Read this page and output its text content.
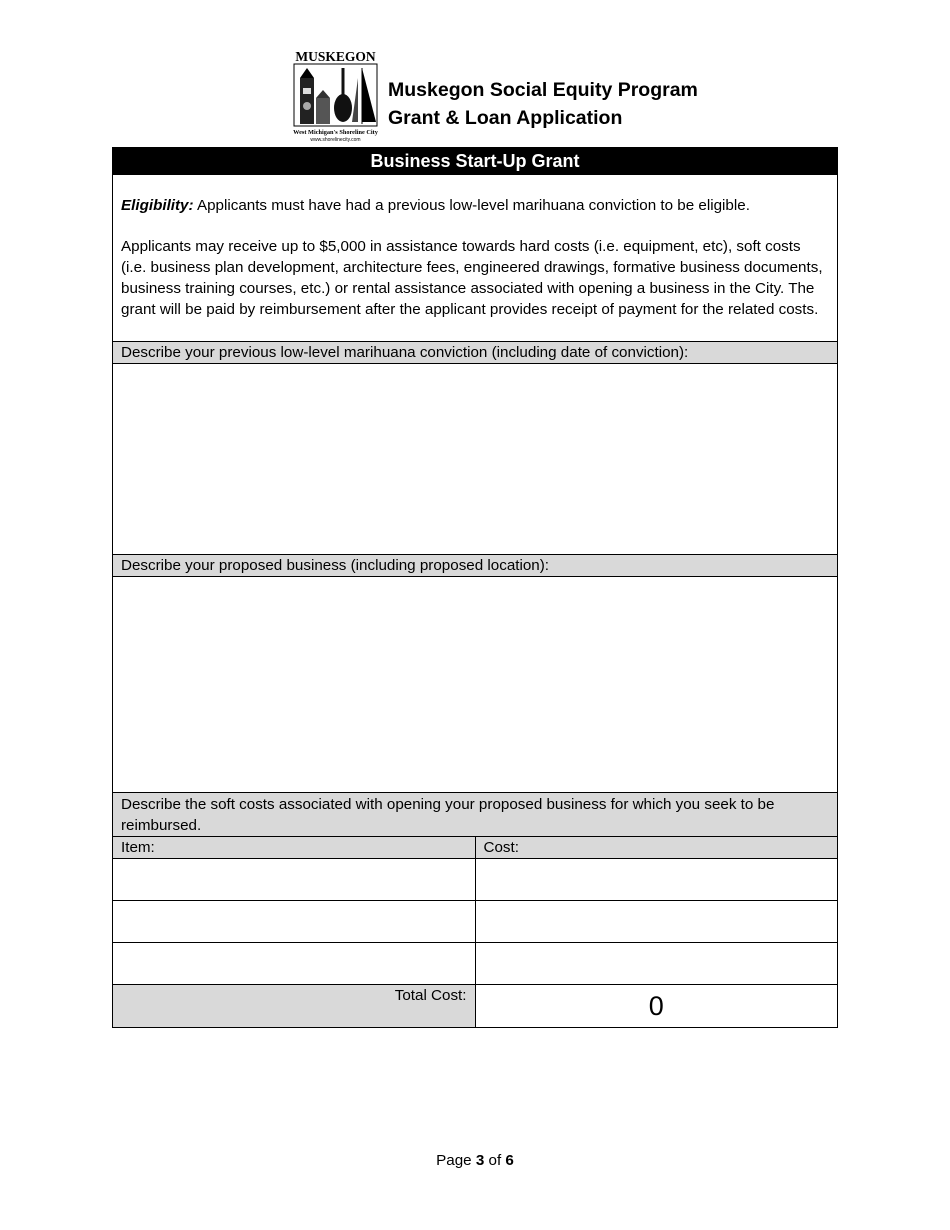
MUSKEGON
West Michigan's Shoreline City
www.shorelinecity.com
Muskegon Social Equity Program
Grant & Loan Application
Business Start-Up Grant

Eligibility: Applicants must have had a previous low-level marihuana conviction to be eligible.

Applicants may receive up to $5,000 in assistance towards hard costs (i.e. equipment, etc), soft costs (i.e. business plan development, architecture fees, engineered drawings, formative business documents, business training courses, etc.) or rental assistance associated with opening a business in the City. The grant will be paid by reimbursement after the applicant provides receipt of payment for the related costs.

Describe your previous low-level marihuana conviction (including date of conviction):
Describe your proposed business (including proposed location):
Describe the soft costs associated with opening your proposed business for which you seek to be reimbursed.
Item:	Cost:

Total Cost:	0
Page 3 of 6
